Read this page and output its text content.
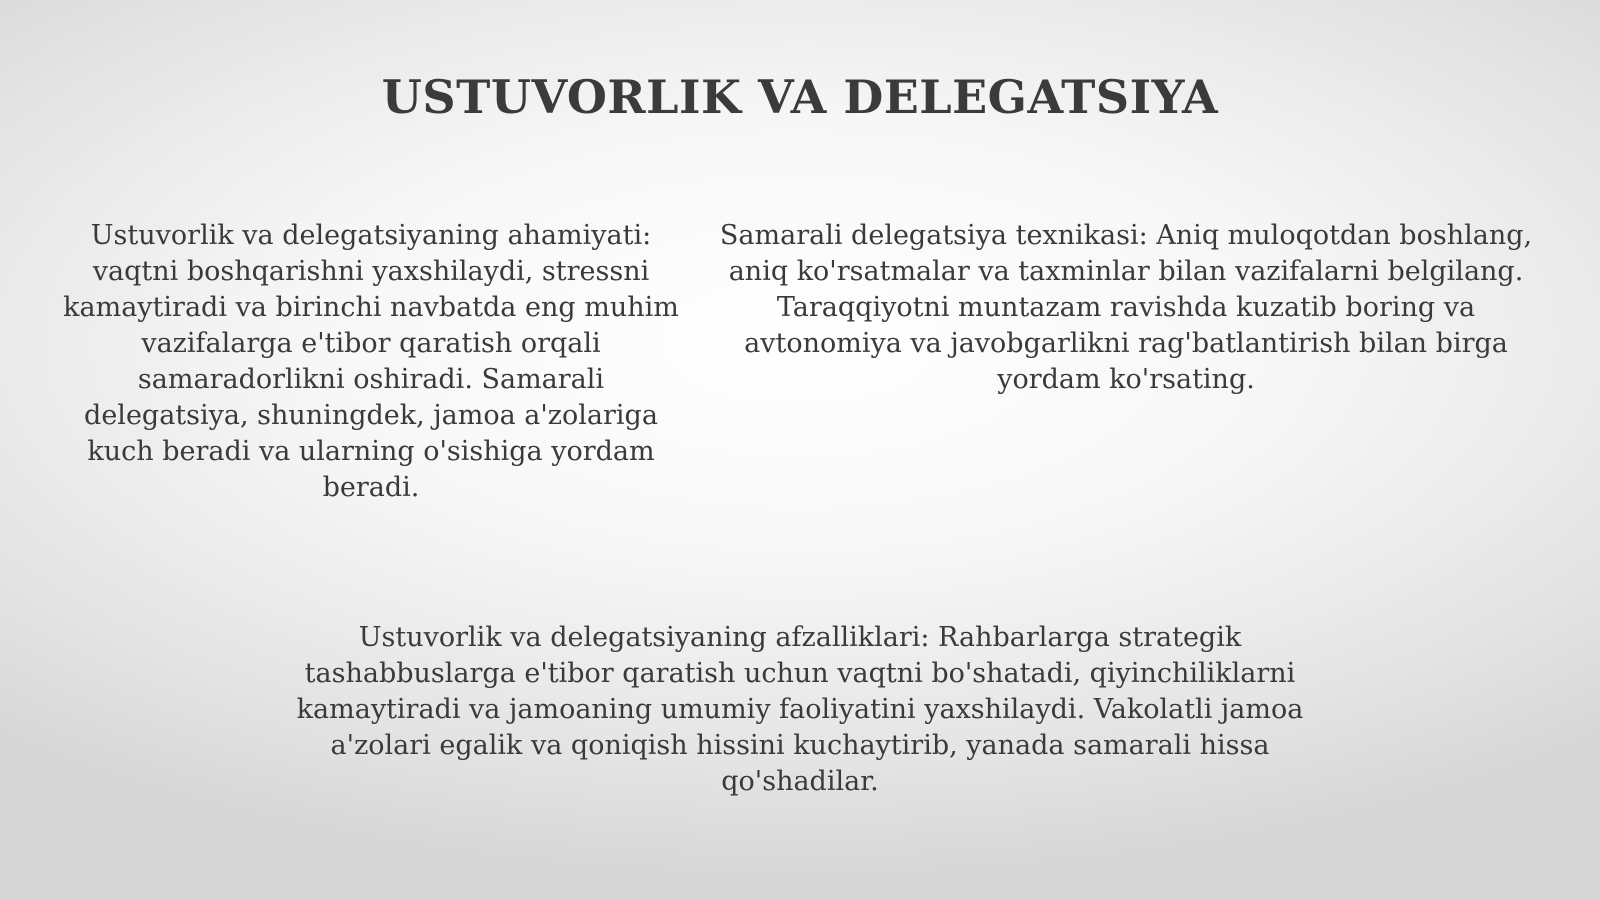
USTUVORLIK VA DELEGATSIYA

Ustuvorlik va delegatsiyaning ahamiyati: vaqtni boshqarishni yaxshilaydi, stressni kamaytiradi va birinchi navbatda eng muhim vazifalarga e'tibor qaratish orqali samaradorlikni oshiradi. Samarali delegatsiya, shuningdek, jamoa a'zolariga kuch beradi va ularning o'sishiga yordam beradi.

Samarali delegatsiya texnikasi: Aniq muloqotdan boshlang, aniq ko'rsatmalar va taxminlar bilan vazifalarni belgilang. Taraqqiyotni muntazam ravishda kuzatib boring va avtonomiya va javobgarlikni rag'batlantirish bilan birga yordam ko'rsating.

Ustuvorlik va delegatsiyaning afzalliklari: Rahbarlarga strategik tashabbuslarga e'tibor qaratish uchun vaqtni bo'shatadi, qiyinchiliklarni kamaytiradi va jamoaning umumiy faoliyatini yaxshilaydi. Vakolatli jamoa a'zolari egalik va qoniqish hissini kuchaytirib, yanada samarali hissa qo'shadilar.
